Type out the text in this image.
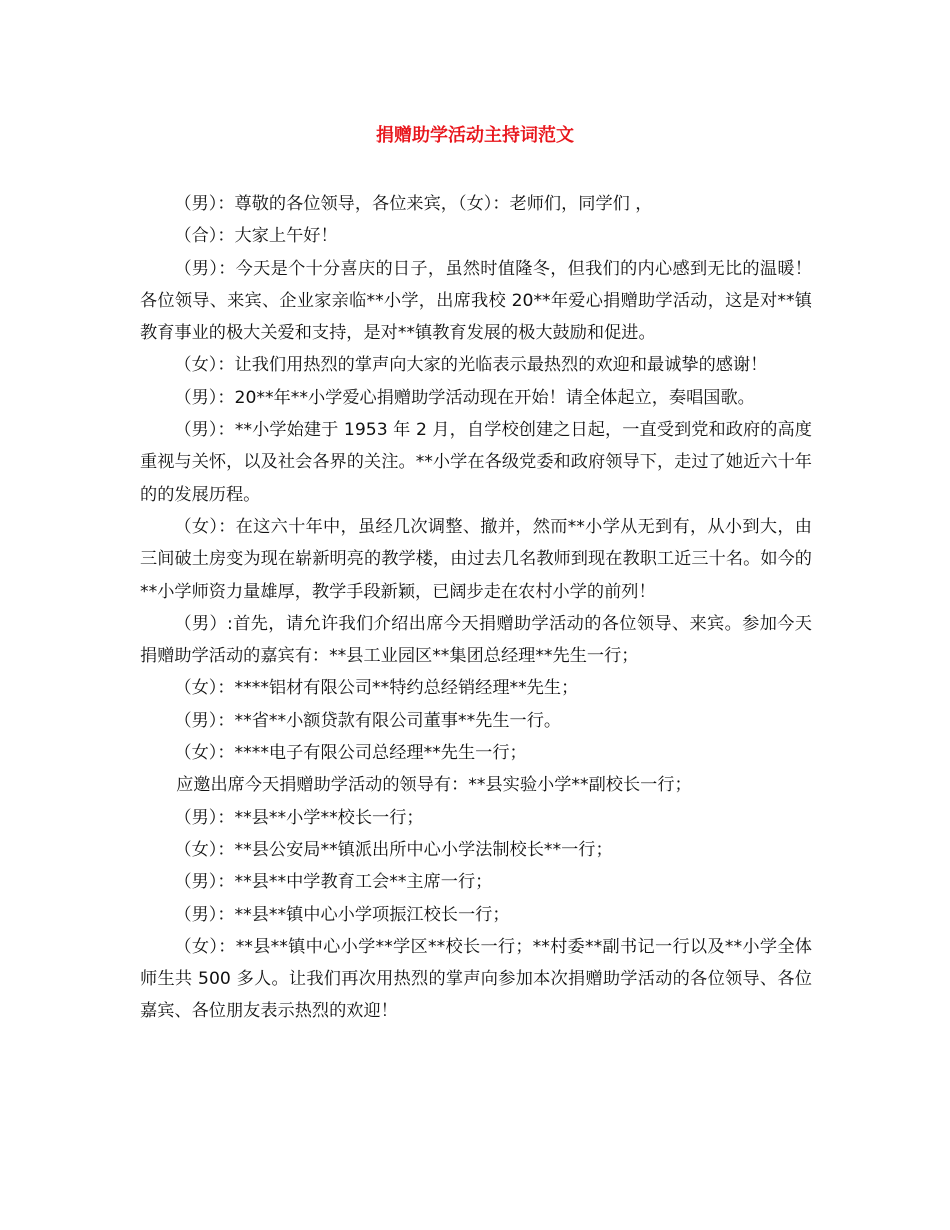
捐赠助学活动主持词范文

（男）：尊敬的各位领导，各位来宾，（女）：老师们，同学们 ，

（合）：大家上午好！

（男）：今天是个十分喜庆的日子，虽然时值隆冬，但我们的内心感到无比的温暖！各位领导、来宾、企业家亲临**小学，出席我校 20**年爱心捐赠助学活动，这是对**镇教育事业的极大关爱和支持，是对**镇教育发展的极大鼓励和促进。

（女）：让我们用热烈的掌声向大家的光临表示最热烈的欢迎和最诚挚的感谢！

（男）：20**年**小学爱心捐赠助学活动现在开始！请全体起立，奏唱国歌。

（男）：**小学始建于 1953 年 2 月，自学校创建之日起，一直受到党和政府的高度重视与关怀，以及社会各界的关注。**小学在各级党委和政府领导下，走过了她近六十年的的发展历程。

（女）：在这六十年中，虽经几次调整、撤并，然而**小学从无到有，从小到大，由三间破土房变为现在崭新明亮的教学楼，由过去几名教师到现在教职工近三十名。如今的**小学师资力量雄厚，教学手段新颖，已阔步走在农村小学的前列！

（男）:首先，请允许我们介绍出席今天捐赠助学活动的各位领导、来宾。参加今天捐赠助学活动的嘉宾有：**县工业园区**集团总经理**先生一行；

（女）：****铝材有限公司**特约总经销经理**先生；

（男）：**省**小额贷款有限公司董事**先生一行。

（女）：****电子有限公司总经理**先生一行；

应邀出席今天捐赠助学活动的领导有：**县实验小学**副校长一行；

（男）：**县**小学**校长一行；

（女）：**县公安局**镇派出所中心小学法制校长**一行；

（男）：**县**中学教育工会**主席一行；

（男）：**县**镇中心小学项振江校长一行；

（女）：**县**镇中心小学**学区**校长一行；**村委**副书记一行以及**小学全体师生共 500 多人。让我们再次用热烈的掌声向参加本次捐赠助学活动的各位领导、各位嘉宾、各位朋友表示热烈的欢迎！
